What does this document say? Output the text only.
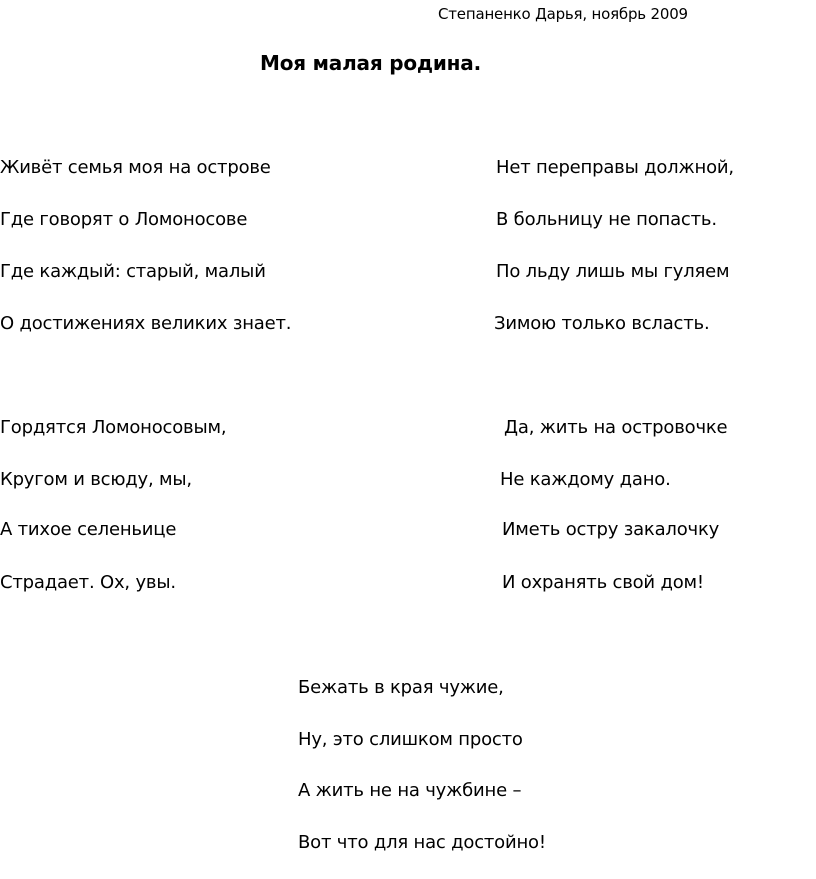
Степаненко Дарья, ноябрь 2009
Моя малая родина.
Живёт семья моя на острове
Где говорят о Ломоносове
Где каждый: старый, малый
О достижениях великих знает.
Нет переправы должной,
В больницу не попасть.
По льду лишь мы гуляем
Зимою только всласть.
Гордятся Ломоносовым,
Кругом и всюду, мы,
А тихое селеньице
Страдает. Ох, увы.
Да, жить на островочке
Не каждому дано.
Иметь остру закалочку
И охранять свой дом!
Бежать в края чужие,
Ну, это слишком просто
А жить не на чужбине –
Вот что для нас достойно!
